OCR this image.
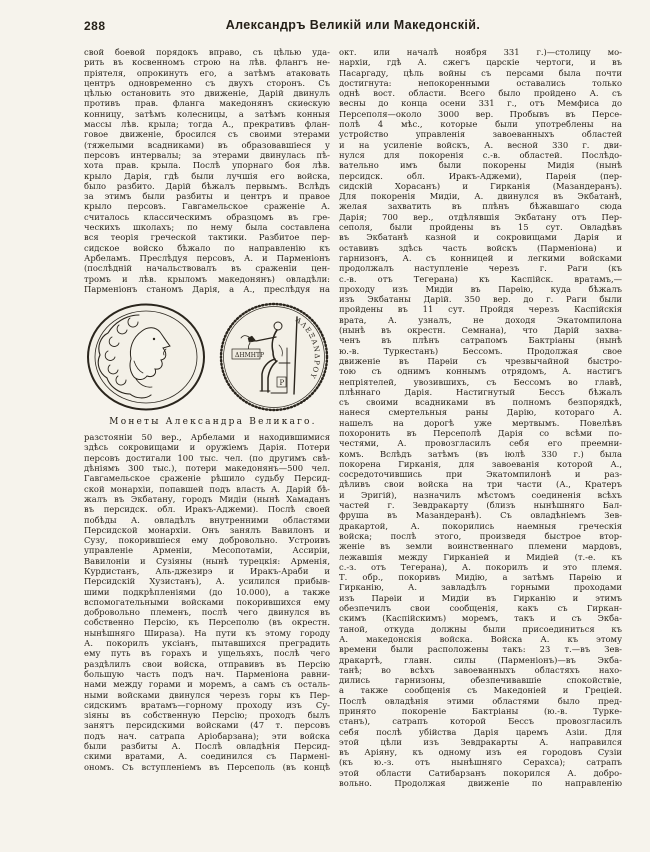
288	Александръ Великій или Македонскій.
свой боевой порядокъ вправо, съ цѣлью уда-
рить въ косвенномъ строю на лѣв. флангъ не-
пріятеля, опрокинуть его, а затѣмъ атаковать
центръ одновременно съ двухъ сторонъ. Съ
цѣлью остановить это движеніе, Дарій двинулъ
противъ прав. фланга македонянъ скиѳскую
конницу, затѣмъ колесницы, а затѣмъ конныя
массы лѣв. крыла; тогда А., прекративъ флан-
говое движеніе, бросился съ своими этерами
(тяжелыми всадниками) въ образовавшіеся у
персовъ интервалы; за этерами двинулась пѣ-
хота прав. крыла. Послѣ упорнаго боя лѣв.
крыло Дарія, гдѣ были лучшія его войска,
было разбито. Дарій бѣжалъ первымъ. Вслѣдъ
за этимъ были разбиты и центръ и правое
крыло персовъ. Гавгамельское сраженіе А.
считалось классическимъ образцомъ въ гре-
ческихъ школахъ; по нему была составлена
вся теорія греческой тактики. Разбитое пер-
сидское войско бѣжало по направленію къ
Арбеламъ. Преслѣдуя персовъ, А. и Парменіонъ
(послѣдній начальствовалъ въ сраженіи цен-
тромъ и лѣв. крыломъ македонянъ) овладѣли:
Парменіонъ станомъ Дарія, а А., преслѣдуя на
ΑΛΕΞΑΝΔΡΟΥ
ΔΗΜΗΤΡ
Ρ
Монеты Александра Великаго.
разстояніи 50 вер., Арбелами и находившимися
здѣсь сокровищами и оружіемъ Дарія. Потери
персовъ достигали 100 тыс. чел. (по другимъ свѣ-
дѣніямъ 300 тыс.), потери македонянъ—500 чел.
Гавгамельское сраженіе рѣшило судьбу Персид-
ской монархіи, попавшей подъ власть А. Дарій бѣ-
жалъ въ Экбатану, городъ Мидіи (нынѣ Хамаданъ
въ персидск. обл. Иракъ-Аджеми). Послѣ своей
побѣды А. овладѣлъ внутренними областями
Персидской монархіи. Онъ занялъ Вавилонъ и
Сузу, покорившіеся ему добровольно. Устроивъ
управленіе Арменіи, Месопотаміи, Ассиріи,
Вавилоніи и Сузіяны (нынѣ турецкія: Арменія,
Курдистанъ, Аль-джезирэ и Иракъ-Араби и
Персидскій Хузистанъ), А. усилился прибыв-
шими подкрѣпленіями (до 10.000), а также
вспомогательными войсками покорившихся ему
добровольно племенъ, послѣ чего двинулся въ
собственно Персію, къ Персеполю (въ окрестн.
нынѣшняго Шираза). На пути къ этому городу
А. покорилъ уксіанъ, пытавшихся преградить
ему путь въ горахъ и ущельяхъ, послѣ чего
раздѣлилъ свои войска, отправивъ въ Персію
большую часть подъ нач. Парменіона равни-
нами между горами и моремъ, а самъ съ осталь-
ными войсками двинулся черезъ горы къ Пер-
сидскимъ вратамъ—горному проходу изъ Су-
зіяны въ собственную Персію; проходъ былъ
занятъ персидскими войсками (47 т. персовъ
подъ нач. сатрапа Аріобарзана); эти войска
были разбиты А. Послѣ овладѣнія Персид-
скими вратами, А. соединился съ Пармені-
ономъ. Съ вступленіемъ въ Персеполь (въ концѣ
окт. или началѣ ноября 331 г.)—столицу мо-
нархіи, гдѣ А. сжегъ царскіе чертоги, и въ
Пасаргаду, цѣль войны съ персами была почти
достигнута: непокоренными оставались только
однѣ вост. области. Всего было пройдено А. съ
весны до конца осени 331 г., отъ Мемфиса до
Персеполя—около 3000 вер. Пробывъ въ Персе-
полѣ 4 мѣс., которые были употреблены на
устройство управленія завоеванныхъ областей
и на усиленіе войскъ, А. весной 330 г. дви-
нулся для покоренія с.-в. областей. Послѣдо-
вательно имъ были покорены Мидія (нынѣ
персидск. обл. Иракъ-Аджеми), Парѳія (пер-
сидскій Хорасанъ) и Гирканія (Мазандеранъ).
Для покоренія Мидіи, А. двинулся въ Экбатанѣ,
желая захватить въ плѣнъ бѣжавшаго сюда
Дарія; 700 вер., отдѣлявшія Экбатану отъ Пер-
сеполя, были пройдены въ 15 сут. Овладѣвъ
въ Экбатанѣ казной и сокровищами Дарія и
оставивъ здѣсь часть войскъ (Парменіона) и
гарнизонъ, А. съ конницей и легкими войсками
продолжалъ наступленіе черезъ г. Раги (къ
с.-в. отъ Тегерана) къ Каспійск. вратамъ,—
проходу изъ Мидіи въ Парѳію, куда бѣжалъ
изъ Экбатаны Дарій. 350 вер. до г. Раги были
пройдены въ 11 сут. Пройдя черезъ Каспійскія
врата, А. узналъ, не доходя Экатомпилона
(нынѣ въ окрестн. Семнана), что Дарій захва-
ченъ въ плѣнъ сатрапомъ Бактріаны (нынѣ
ю.-в. Туркестанъ) Бессомъ. Продолжая свое
движеніе въ Парѳіи съ чрезвычайной быстро-
тою съ однимъ коннымъ отрядомъ, А. настигъ
непріятелей, увозившихъ, съ Бессомъ во главѣ,
плѣннаго Дарія. Настигнутый Бессъ бѣжалъ
съ своими всадниками въ полномъ безпорядкѣ,
нанеся смертельныя раны Дарію, котораго А.
нашелъ на дорогѣ уже мертвымъ. Повелѣвъ
похоронить въ Персеполѣ Дарія со всѣми по-
честями, А. провозгласилъ себя его преемни-
комъ. Вслѣдъ затѣмъ (въ іюлѣ 330 г.) была
покорена Гирканія, для завоеванія которой А.,
сосредоточившись при Экатомпилонѣ и раз-
дѣливъ свои войска на три части (А., Кратеръ
и Эригій), назначилъ мѣстомъ соединенія всѣхъ
частей г. Зевдракарту (близъ нынѣшняго Бал-
фруша въ Мазандеранѣ). Съ овладѣніемъ Зев-
дракартой, А. покорились наемныя греческія
войска; послѣ этого, произведя быстрое втор-
женіе въ земли воинственнаго племени мардовъ,
лежавшія между Гирканіей и Мидіей (т.-е. къ
с.-з. отъ Тегерана), А. покорилъ и это племя.
Т. обр., покоривъ Мидію, а затѣмъ Парѳію и
Гирканію, А. завладѣлъ горными проходами
изъ Парѳіи и Мидіи въ Гирканію и этимъ
обезпечилъ свои сообщенія, какъ съ Гиркан-
скимъ (Каспійскимъ) моремъ, такъ и съ Экба-
таной, откуда должны были присоединиться къ
А. македонскія войска. Войска А. къ этому
времени были расположены такъ: 23 т.—въ Зев-
дракартѣ, главн. силы (Парменіонъ)—въ Экба-
танѣ; во всѣхъ завоеванныхъ областяхъ нахо-
дились гарнизоны, обезпечивавшіе спокойствіе,
а также сообщенія съ Македоніей и Греціей.
Послѣ овладѣнія этими областями было пред-
принято покореніе Бактріаны (ю.-в. Турке-
станъ), сатрапъ которой Бессъ провозгласилъ
себя послѣ убійства Дарія царемъ Азіи. Для
этой цѣли изъ Зевдракарты А. направился
въ Аріяну, къ одному изъ ея городовъ Сузіи
(къ ю.-з. отъ нынѣшняго Серахса); сатрапъ
этой области Сатибарзанъ покорился А. добро-
вольно. Продолжая движеніе по направленію
